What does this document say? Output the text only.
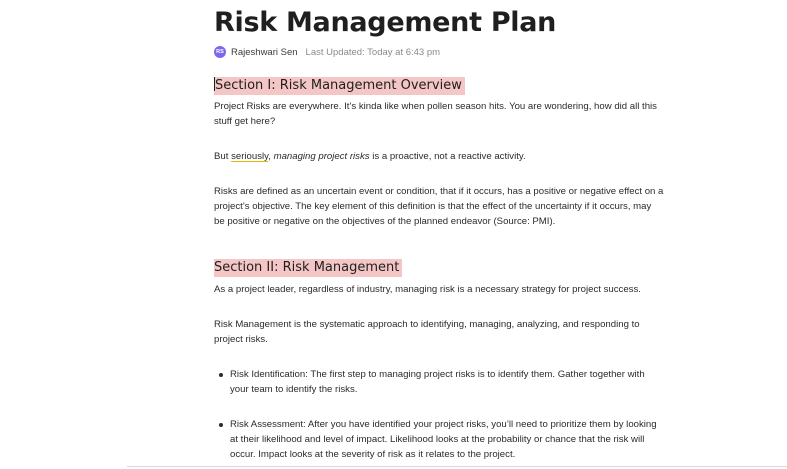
Risk Management Plan
RS Rajeshwari Sen Last Updated: Today at 6:43 pm
Section I: Risk Management Overview

Project Risks are everywhere. It’s kinda like when pollen season hits. You are wondering, how did all this stuff get here?

But seriously, managing project risks is a proactive, not a reactive activity.

Risks are defined as an uncertain event or condition, that if it occurs, has a positive or negative effect on a project’s objective. The key element of this definition is that the effect of the uncertainty if it occurs, may be positive or negative on the objectives of the planned endeavor (Source: PMI).

Section II: Risk Management

As a project leader, regardless of industry, managing risk is a necessary strategy for project success.

Risk Management is the systematic approach to identifying, managing, analyzing, and responding to project risks.

Risk Identification: The first step to managing project risks is to identify them. Gather together with your team to identify the risks.
Risk Assessment: After you have identified your project risks, you’ll need to prioritize them by looking at their likelihood and level of impact. Likelihood looks at the probability or chance that the risk will occur. Impact looks at the severity of risk as it relates to the project.
